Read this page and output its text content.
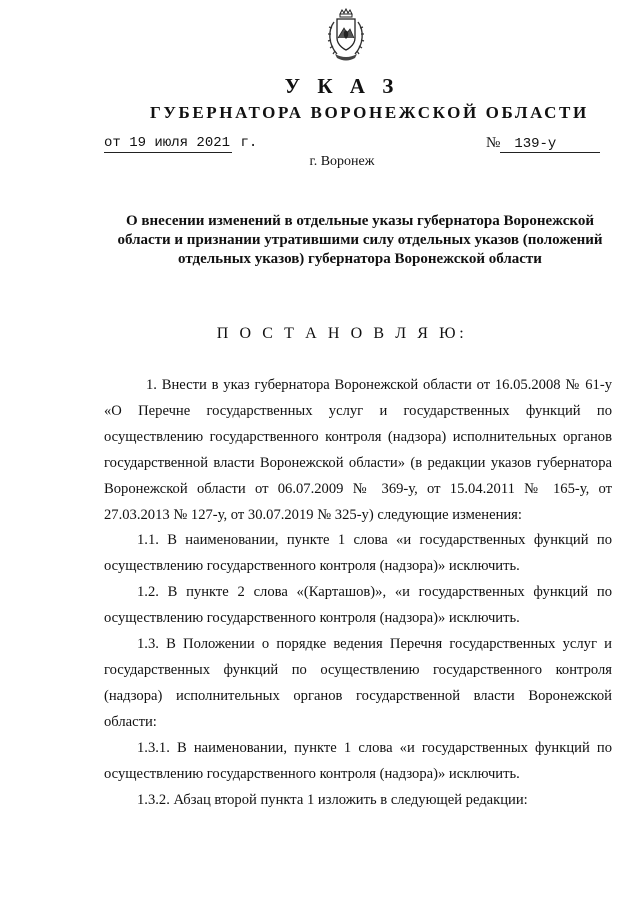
У К А З
ГУБЕРНАТОРА ВОРОНЕЖСКОЙ ОБЛАСТИ
от 19 июля 2021 г.	№ 139-у
г. Воронеж
О внесении изменений в отдельные указы губернатора Воронежской области и признании утратившими силу отдельных указов (положений отдельных указов) губернатора Воронежской области
П О С Т А Н О В Л Я Ю:

1. Внести в указ губернатора Воронежской области от 16.05.2008 № 61-у «О Перечне государственных услуг и государственных функций по осуществлению государственного контроля (надзора) исполнительных органов государственной власти Воронежской области» (в редакции указов губернатора Воронежской области от 06.07.2009 № 369-у, от 15.04.2011 № 165-у, от 27.03.2013 № 127-у, от 30.07.2019 № 325-у) следующие изменения:

1.1. В наименовании, пункте 1 слова «и государственных функций по осуществлению государственного контроля (надзора)» исключить.

1.2. В пункте 2 слова «(Карташов)», «и государственных функций по осуществлению государственного контроля (надзора)» исключить.

1.3. В Положении о порядке ведения Перечня государственных услуг и государственных функций по осуществлению государственного контроля (надзора) исполнительных органов государственной власти Воронежской области:

1.3.1. В наименовании, пункте 1 слова «и государственных функций по осуществлению государственного контроля (надзора)» исключить.

1.3.2. Абзац второй пункта 1 изложить в следующей редакции:
